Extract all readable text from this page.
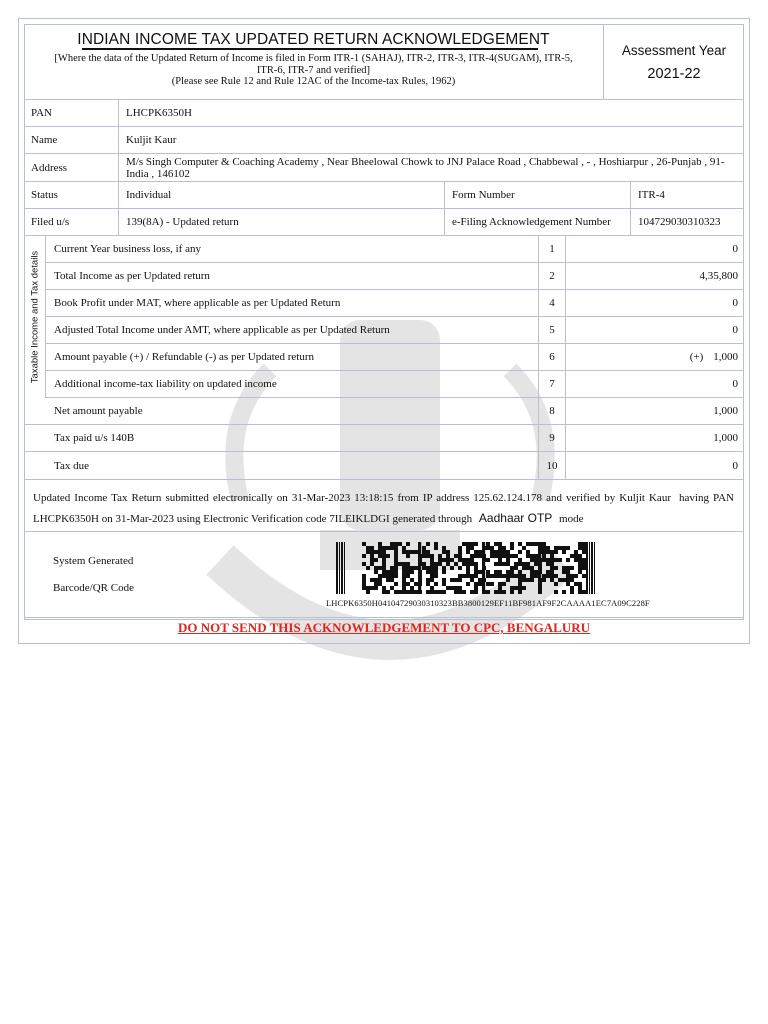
INDIAN INCOME TAX UPDATED RETURN ACKNOWLEDGEMENT
[Where the data of the Updated Return of Income is filed in Form ITR-1 (SAHAJ), ITR-2, ITR-3, ITR-4(SUGAM), ITR-5,
ITR-6, ITR-7 and verified]
(Please see Rule 12 and Rule 12AC of the Income-tax Rules, 1962)
Assessment Year
2021-22
PAN	LHCPK6350H
Name	Kuljit Kaur
Address	M/s Singh Computer & Coaching Academy , Near Bheelowal Chowk to JNJ Palace Road , Chabbewal , - , Hoshiarpur , 26-Punjab , 91-India , 146102
Status	Individual	Form Number	ITR-4
Filed u/s	139(8A) - Updated return	e-Filing Acknowledgement Number	104729030310323
Taxable Income and Tax details
Current Year business loss, if any	1	0
Total Income as per Updated return	2	4,35,800
Book Profit under MAT, where applicable as per Updated Return	4	0
Adjusted Total Income under AMT, where applicable as per Updated Return	5	0
Amount payable (+) / Refundable (-) as per Updated return	6	(+) 1,000
Additional income-tax liability on updated income	7	0
Net amount payable	8	1,000
Tax paid u/s 140B	9	1,000
Tax due	10	0
Updated Income Tax Return submitted electronically on 31-Mar-2023 13:18:15 from IP address 125.62.124.178 and verified by Kuljit Kaur having PAN LHCPK6350H on 31-Mar-2023 using Electronic Verification code 7ILEIKLDGI generated through Aadhaar OTP mode
System Generated
Barcode/QR Code
LHCPK6350H04104729030310323BB3800129EF11BF981AF9F2CAAAA1EC7A09C228F
DO NOT SEND THIS ACKNOWLEDGEMENT TO CPC, BENGALURU
